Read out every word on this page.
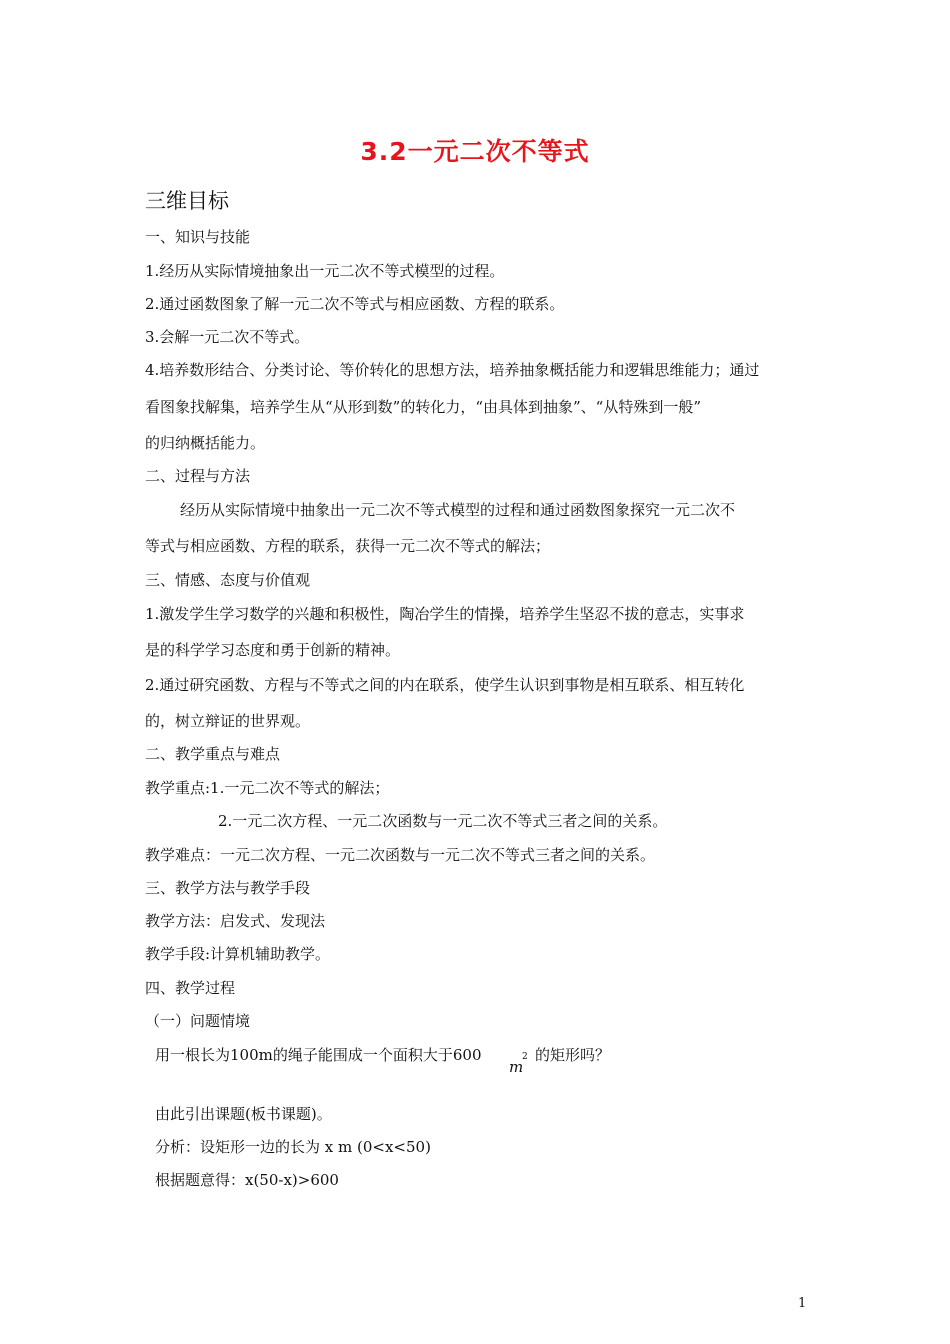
3.2一元二次不等式
三维目标
一、知识与技能
1.经历从实际情境抽象出一元二次不等式模型的过程。
2.通过函数图象了解一元二次不等式与相应函数、方程的联系。
3.会解一元二次不等式。
4.培养数形结合、分类讨论、等价转化的思想方法，培养抽象概括能力和逻辑思维能力；通过
看图象找解集，培养学生从“从形到数”的转化力，“由具体到抽象”、“从特殊到一般”
的归纳概括能力。
二、过程与方法
经历从实际情境中抽象出一元二次不等式模型的过程和通过函数图象探究一元二次不
等式与相应函数、方程的联系，获得一元二次不等式的解法；
三、情感、态度与价值观
1.激发学生学习数学的兴趣和积极性，陶冶学生的情操，培养学生坚忍不拔的意志，实事求
是的科学学习态度和勇于创新的精神。
2.通过研究函数、方程与不等式之间的内在联系，使学生认识到事物是相互联系、相互转化
的，树立辩证的世界观。
二、教学重点与难点
教学重点:1.一元二次不等式的解法；
2.一元二次方程、一元二次函数与一元二次不等式三者之间的关系。
教学难点：一元二次方程、一元二次函数与一元二次不等式三者之间的关系。
三、教学方法与教学手段
教学方法：启发式、发现法
教学手段:计算机辅助教学。
四、教学过程
（一）问题情境
用一根长为100m的绳子能围成一个面积大于600
m
2 的矩形吗？
由此引出课题(板书课题)。
分析：设矩形一边的长为 x m (0<x<50)
根据题意得：x(50-x)>600
1
